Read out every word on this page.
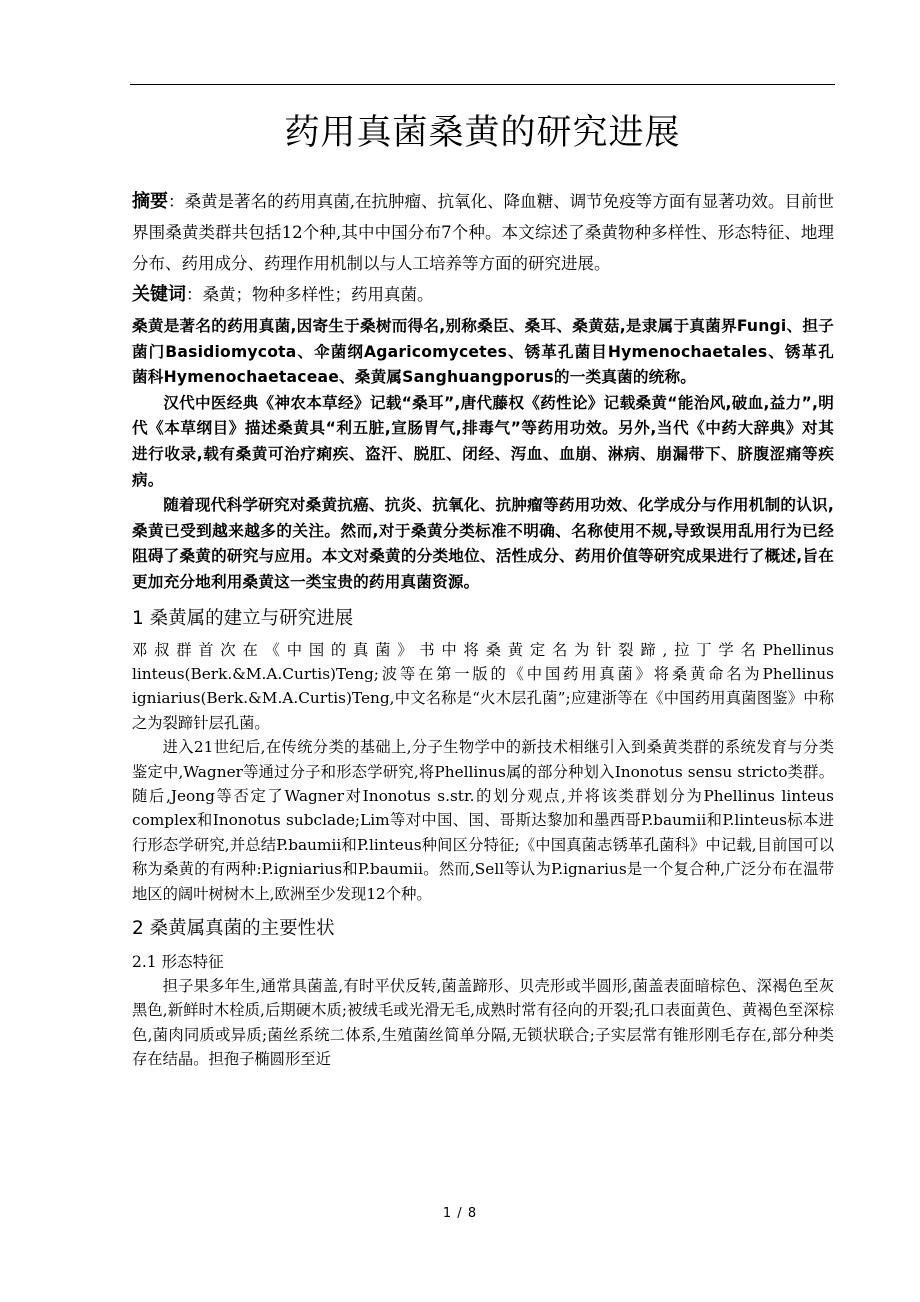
药用真菌桑黄的研究进展

摘要：桑黄是著名的药用真菌,在抗肿瘤、抗氧化、降血糖、调节免疫等方面有显著功效。目前世界围桑黄类群共包括12个种,其中中国分布7个种。本文综述了桑黄物种多样性、形态特征、地理分布、药用成分、药理作用机制以与人工培养等方面的研究进展。

关键词：桑黄；物种多样性；药用真菌。

桑黄是著名的药用真菌,因寄生于桑树而得名,别称桑臣、桑耳、桑黄菇,是隶属于真菌界Fungi、担子菌门Basidiomycota、伞菌纲Agaricomycetes、锈革孔菌目Hymenochaetales、锈革孔菌科Hymenochaetaceae、桑黄属Sanghuangporus的一类真菌的统称。

汉代中医经典《神农本草经》记载“桑耳”,唐代藤权《药性论》记载桑黄“能治风,破血,益力”,明代《本草纲目》描述桑黄具“利五脏,宣肠胃气,排毒气”等药用功效。另外,当代《中药大辞典》对其进行收录,载有桑黄可治疗痢疾、盗汗、脱肛、闭经、泻血、血崩、淋病、崩漏带下、脐腹涩痛等疾病。

随着现代科学研究对桑黄抗癌、抗炎、抗氧化、抗肿瘤等药用功效、化学成分与作用机制的认识,桑黄已受到越来越多的关注。然而,对于桑黄分类标准不明确、名称使用不规,导致误用乱用行为已经阻碍了桑黄的研究与应用。本文对桑黄的分类地位、活性成分、药用价值等研究成果进行了概述,旨在更加充分地利用桑黄这一类宝贵的药用真菌资源。

1 桑黄属的建立与研究进展

邓叔群首次在《中国的真菌》书中将桑黄定名为针裂蹄,拉丁学名Phellinus linteus(Berk.&M.A.Curtis)Teng;波等在第一版的《中国药用真菌》将桑黄命名为Phellinus igniarius(Berk.&M.A.Curtis)Teng,中文名称是“火木层孔菌”;应建浙等在《中国药用真菌图鉴》中称之为裂蹄针层孔菌。

进入21世纪后,在传统分类的基础上,分子生物学中的新技术相继引入到桑黄类群的系统发育与分类鉴定中,Wagner等通过分子和形态学研究,将Phellinus属的部分种划入Inonotus sensu stricto类群。随后,Jeong等否定了Wagner对Inonotus s.str.的划分观点,并将该类群划分为Phellinus linteus complex和Inonotus subclade;Lim等对中国、国、哥斯达黎加和墨西哥P.baumii和P.linteus标本进行形态学研究,并总结P.baumii和P.linteus种间区分特征;《中国真菌志锈革孔菌科》中记载,目前国可以称为桑黄的有两种:P.igniarius和P.baumii。然而,Sell等认为P.ignarius是一个复合种,广泛分布在温带地区的阔叶树树木上,欧洲至少发现12个种。

2 桑黄属真菌的主要性状
2.1 形态特征

担子果多年生,通常具菌盖,有时平伏反转,菌盖蹄形、贝壳形或半圆形,菌盖表面暗棕色、深褐色至灰黑色,新鲜时木栓质,后期硬木质;被绒毛或光滑无毛,成熟时常有径向的开裂;孔口表面黄色、黄褐色至深棕色,菌肉同质或异质;菌丝系统二体系,生殖菌丝简单分隔,无锁状联合;子实层常有锥形刚毛存在,部分种类存在结晶。担孢子椭圆形至近

1 / 8
